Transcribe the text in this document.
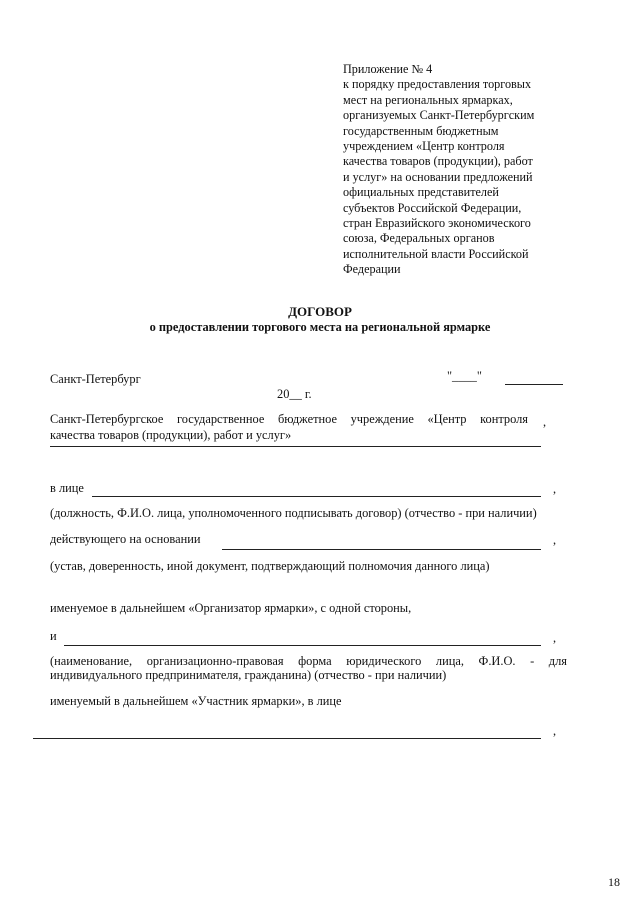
Приложение № 4
к порядку предоставления торговых
мест на региональных ярмарках,
организуемых Санкт-Петербургским
государственным бюджетным
учреждением «Центр контроля
качества товаров (продукции), работ
и услуг» на основании предложений
официальных представителей
субъектов Российской Федерации,
стран Евразийского экономического
союза, Федеральных органов
исполнительной власти Российской
Федерации
ДОГОВОР
о предоставлении торгового места на региональной ярмарке
Санкт-Петербург	"____"
20__ г.
Санкт-Петербургское государственное бюджетное учреждение «Центр контроля ,
качества товаров (продукции), работ и услуг»
в лице	,
(должность, Ф.И.О. лица, уполномоченного подписывать договор) (отчество - при наличии)
действующего на основании	,
(устав, доверенность, иной документ, подтверждающий полномочия данного лица)
именуемое в дальнейшем «Организатор ярмарки», с одной стороны,
и	,
(наименование, организационно-правовая форма юридического лица, Ф.И.О. - для
индивидуального предпринимателя, гражданина) (отчество - при наличии)
именуемый в дальнейшем «Участник ярмарки», в лице
,
18
